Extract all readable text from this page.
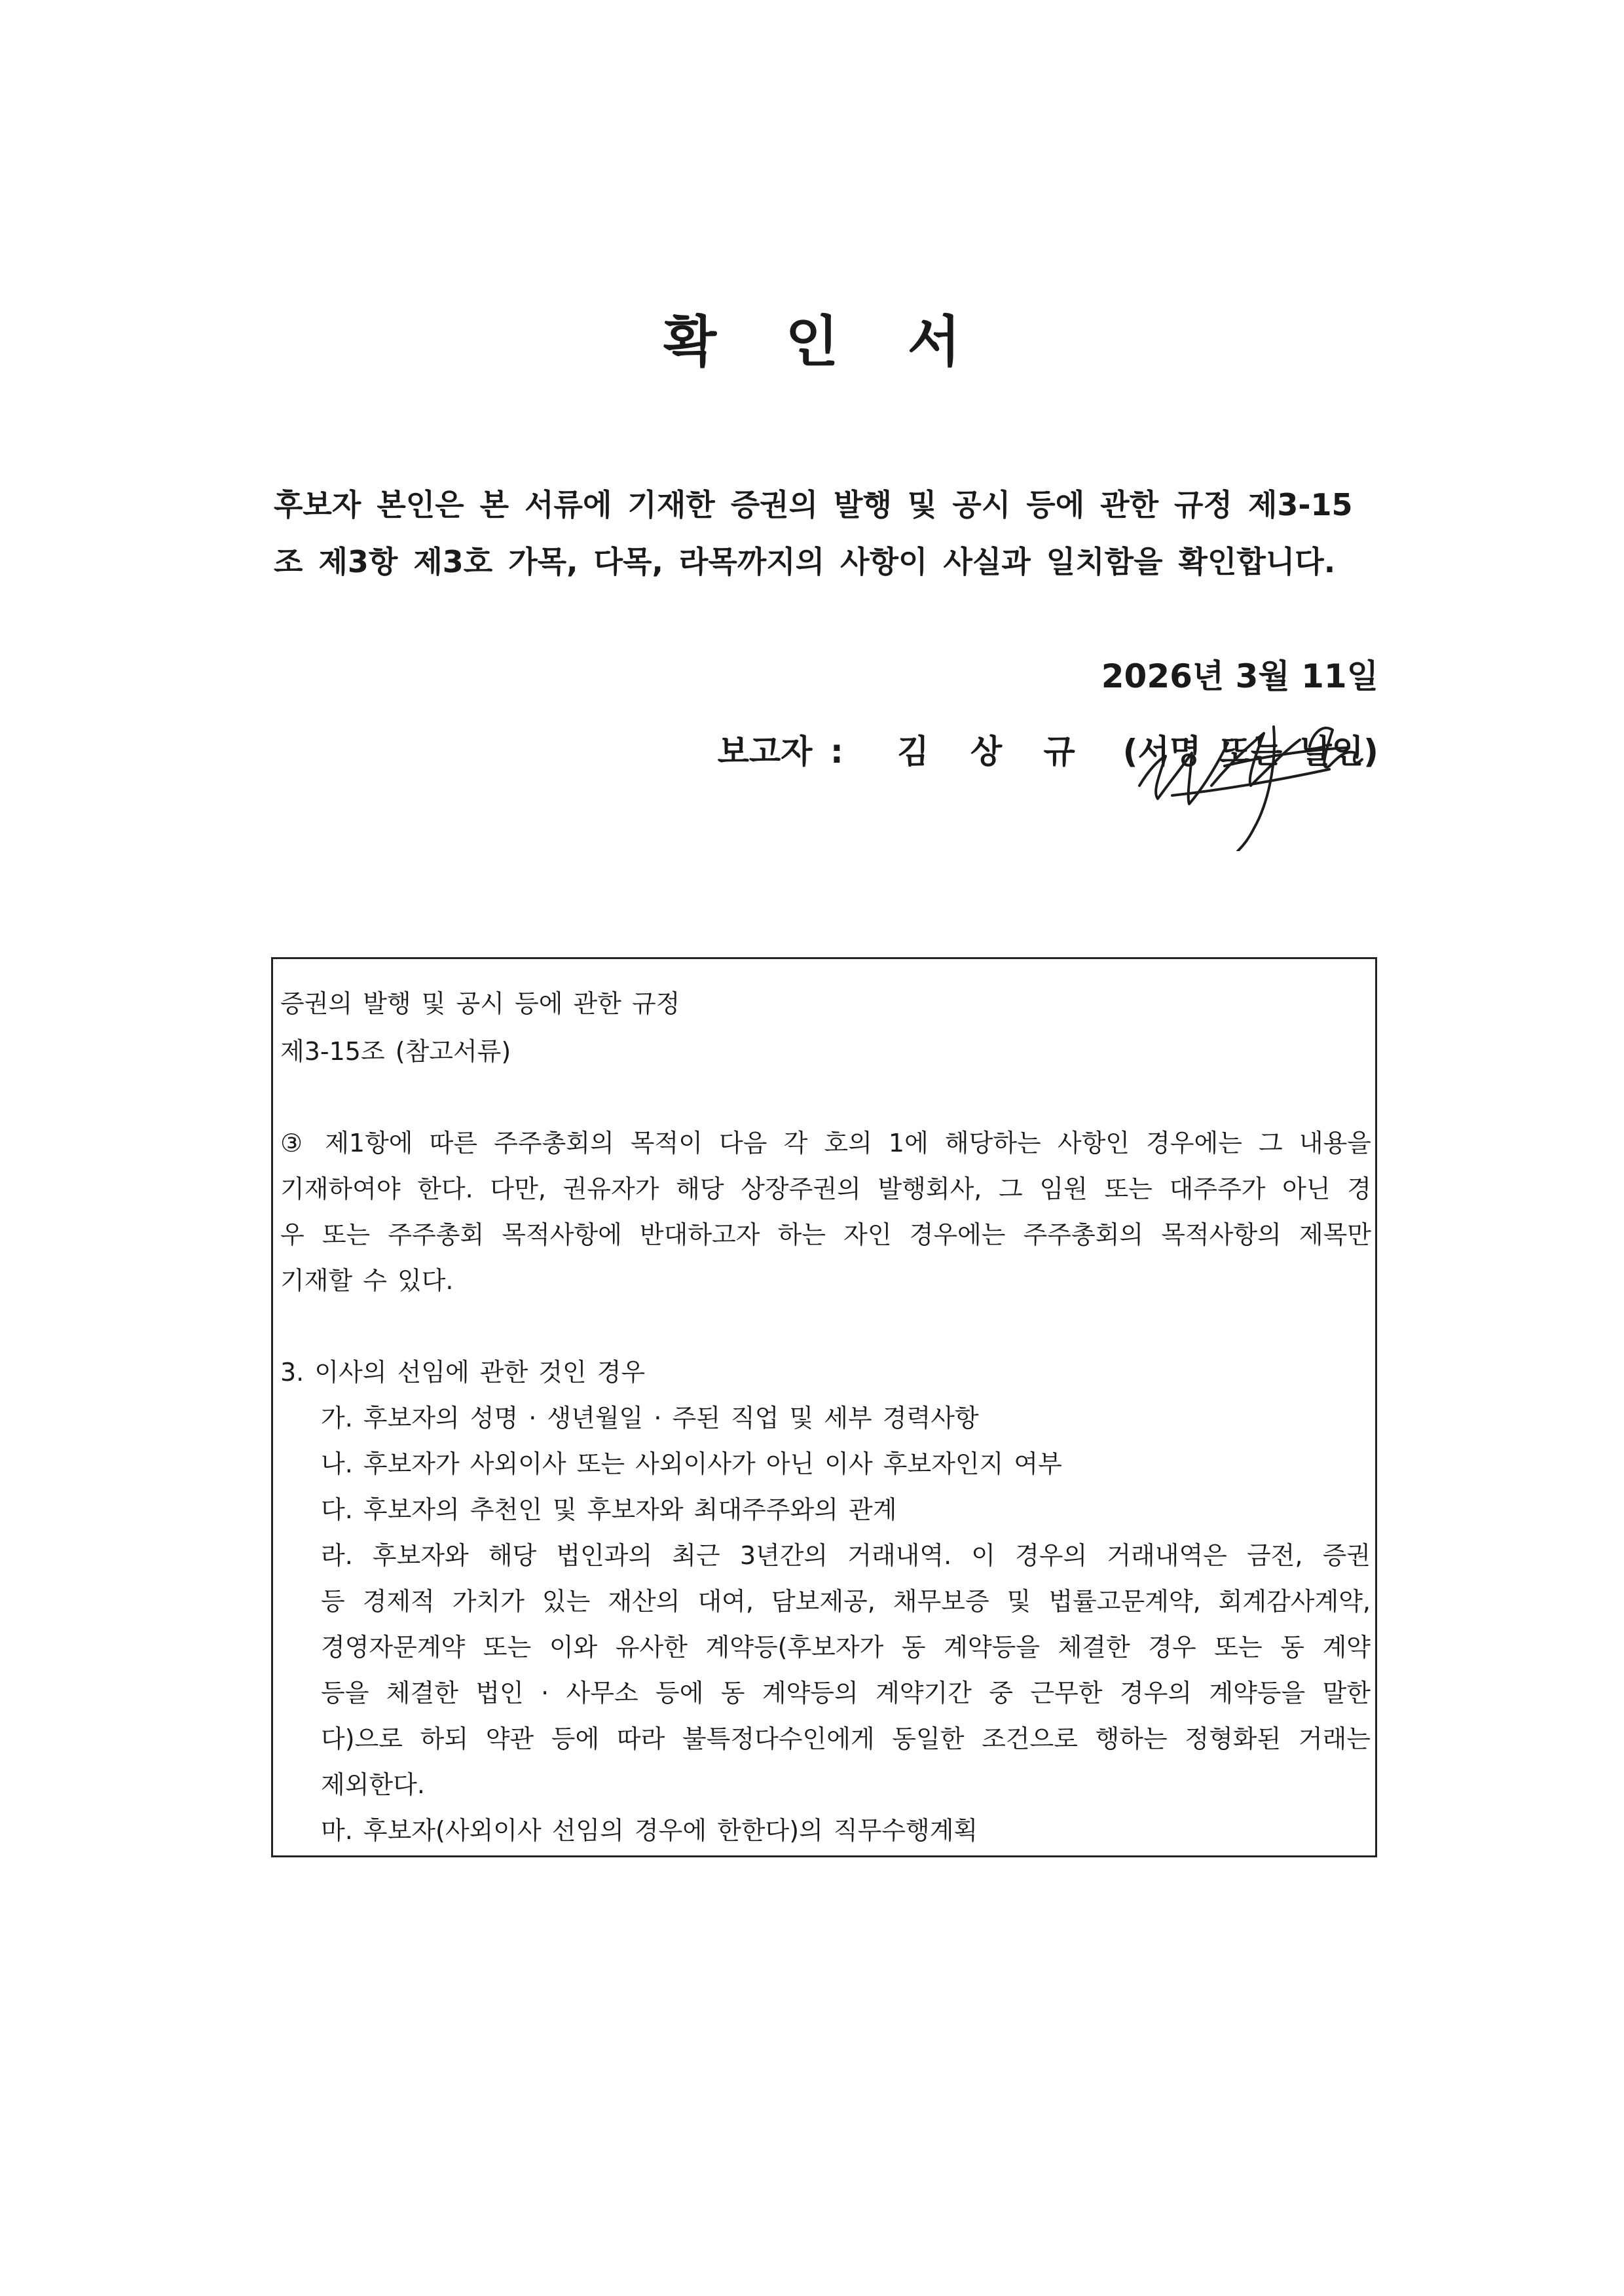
확 인 서
후보자 본인은 본 서류에 기재한 증권의 발행 및 공시 등에 관한 규정 제3-15
조 제3항 제3호 가목, 다목, 라목까지의 사항이 사실과 일치함을 확인합니다.
2026년 3월 11일
보고자 : 김 상 규 (서명 또는 날인)
증권의 발행 및 공시 등에 관한 규정
제3-15조 (참고서류)
③ 제1항에 따른 주주총회의 목적이 다음 각 호의 1에 해당하는 사항인 경우에는 그 내용을
기재하여야 한다. 다만, 권유자가 해당 상장주권의 발행회사, 그 임원 또는 대주주가 아닌 경
우 또는 주주총회 목적사항에 반대하고자 하는 자인 경우에는 주주총회의 목적사항의 제목만
기재할 수 있다.
3. 이사의 선임에 관한 것인 경우
가. 후보자의 성명 · 생년월일 · 주된 직업 및 세부 경력사항
나. 후보자가 사외이사 또는 사외이사가 아닌 이사 후보자인지 여부
다. 후보자의 추천인 및 후보자와 최대주주와의 관계
라. 후보자와 해당 법인과의 최근 3년간의 거래내역. 이 경우의 거래내역은 금전, 증권
등 경제적 가치가 있는 재산의 대여, 담보제공, 채무보증 및 법률고문계약, 회계감사계약,
경영자문계약 또는 이와 유사한 계약등(후보자가 동 계약등을 체결한 경우 또는 동 계약
등을 체결한 법인 · 사무소 등에 동 계약등의 계약기간 중 근무한 경우의 계약등을 말한
다)으로 하되 약관 등에 따라 불특정다수인에게 동일한 조건으로 행하는 정형화된 거래는
제외한다.
마. 후보자(사외이사 선임의 경우에 한한다)의 직무수행계획
